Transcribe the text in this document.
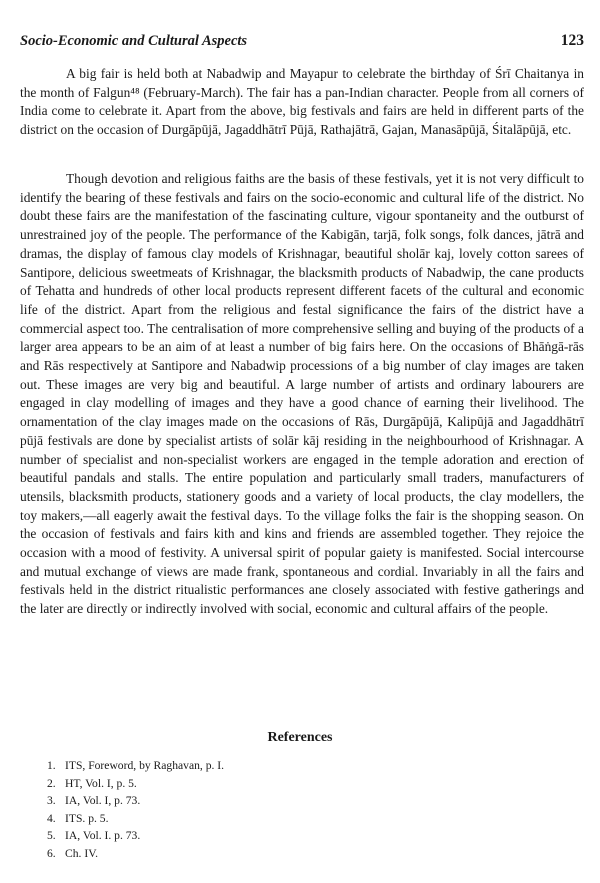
Socio-Economic and Cultural Aspects	123

A big fair is held both at Nabadwip and Mayapur to celebrate the birthday of Śrī Chaitanya in the month of Falgun⁴⁸ (February-March). The fair has a pan-Indian character. People from all corners of India come to celebrate it. Apart from the above, big festivals and fairs are held in different parts of the district on the occasion of Durgāpūjā, Jagaddhātrī Pūjā, Rathajātrā, Gajan, Manasāpūjā, Śitalāpūjā, etc.

Though devotion and religious faiths are the basis of these festivals, yet it is not very difficult to identify the bearing of these festivals and fairs on the socio-economic and cultural life of the district. No doubt these fairs are the manifestation of the fascinating culture, vigour spontaneity and the outburst of unrestrained joy of the people. The performance of the Kabigān, tarjā, folk songs, folk dances, jātrā and dramas, the display of famous clay models of Krishnagar, beautiful sholār kaj, lovely cotton sarees of Santipore, delicious sweetmeats of Krishnagar, the blacksmith products of Nabadwip, the cane products of Tehatta and hundreds of other local products represent different facets of the cultural and economic life of the district. Apart from the religious and festal significance the fairs of the district have a commercial aspect too. The centralisation of more comprehensive selling and buying of the products of a larger area appears to be an aim of at least a number of big fairs here. On the occasions of Bhāṅgā-rās and Rās respectively at Santipore and Nabadwip processions of a big number of clay images are taken out. These images are very big and beautiful. A large number of artists and ordinary labourers are engaged in clay modelling of images and they have a good chance of earning their livelihood. The ornamentation of the clay images made on the occasions of Rās, Durgāpūjā, Kalipūjā and Jagaddhātrī pūjā festivals are done by specialist artists of solār kāj residing in the neighbourhood of Krishnagar. A number of specialist and non-specialist workers are engaged in the temple adoration and erection of beautiful pandals and stalls. The entire population and particularly small traders, manufacturers of utensils, blacksmith products, stationery goods and a variety of local products, the clay modellers, the toy makers,—all eagerly await the festival days. To the village folks the fair is the shopping season. On the occasion of festivals and fairs kith and kins and friends are assembled together. They rejoice the occasion with a mood of festivity. A universal spirit of popular gaiety is manifested. Social intercourse and mutual exchange of views are made frank, spontaneous and cordial. Invariably in all the fairs and festivals held in the district ritualistic performances ane closely associated with festive gatherings and the later are directly or indirectly involved with social, economic and cultural affairs of the people.

References
1. ITS, Foreword, by Raghavan, p. I.
2. HT, Vol. I, p. 5.
3. IA, Vol. I, p. 73.
4. ITS. p. 5.
5. IA, Vol. I. p. 73.
6. Ch. IV.
